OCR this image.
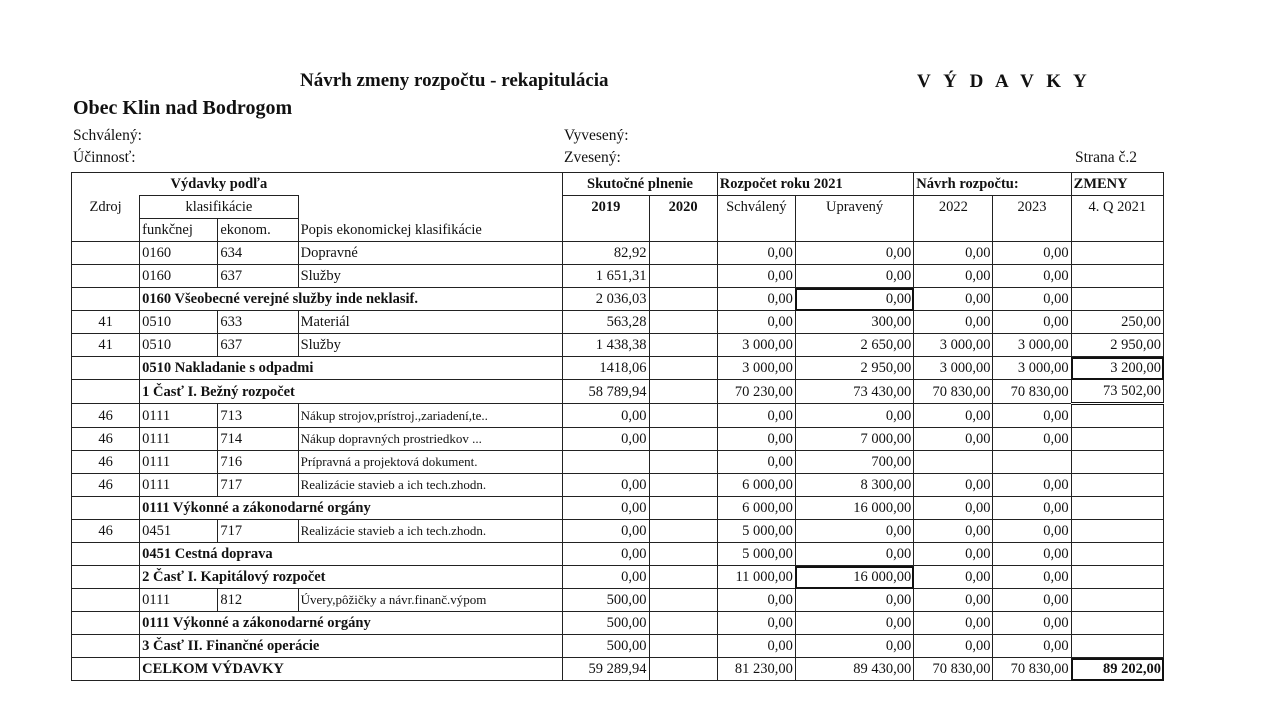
Návrh zmeny rozpočtu - rekapitulácia	V Ý D A V K Y
Obec Klin nad Bodrogom
Schválený:
Účinnosť:
Vyvesený:
Zvesený:	Strana č.2
	Výdavky podľa			Skutočné plnenie		Rozpočet roku 2021		Návrh rozpočtu:		ZMENY
Zdroj	klasifikácie			2019	2020	Schválený	Upravený	2022	2023	4. Q 2021
	funkčnej	ekonom.	Popis ekonomickej klasifikácie							
	0160	634	Dopravné	82,92		0,00	0,00	0,00	0,00	
	0160	637	Služby	1 651,31		0,00	0,00	0,00	0,00	
	0160 Všeobecné verejné služby inde neklasif.			2 036,03		0,00	0,00	0,00	0,00	
41	0510	633	Materiál	563,28		0,00	300,00	0,00	0,00	250,00
41	0510	637	Služby	1 438,38		3 000,00	2 650,00	3 000,00	3 000,00	2 950,00
	0510 Nakladanie s odpadmi			1418,06		3 000,00	2 950,00	3 000,00	3 000,00	3 200,00
	1 Časť I. Bežný rozpočet			58 789,94		70 230,00	73 430,00	70 830,00	70 830,00	73 502,00
46	0111	713	Nákup strojov,prístroj.,zariadení,te..	0,00		0,00	0,00	0,00	0,00	
46	0111	714	Nákup dopravných prostriedkov ...	0,00		0,00	7 000,00	0,00	0,00	
46	0111	716	Prípravná a projektová dokument.			0,00	700,00			
46	0111	717	Realizácie stavieb a ich tech.zhodn.	0,00		6 000,00	8 300,00	0,00	0,00	
	0111 Výkonné a zákonodarné orgány			0,00		6 000,00	16 000,00	0,00	0,00	
46	0451	717	Realizácie stavieb a ich tech.zhodn.	0,00		5 000,00	0,00	0,00	0,00	
	0451 Cestná doprava			0,00		5 000,00	0,00	0,00	0,00	
	2 Časť I. Kapitálový rozpočet			0,00		11 000,00	16 000,00	0,00	0,00	
	0111	812	Úvery,pôžičky a návr.finanč.výpom	500,00		0,00	0,00	0,00	0,00	
	0111 Výkonné a zákonodarné orgány			500,00		0,00	0,00	0,00	0,00	
	3 Časť II. Finančné operácie			500,00		0,00	0,00	0,00	0,00	
	CELKOM VÝDAVKY			59 289,94		81 230,00	89 430,00	70 830,00	70 830,00	89 202,00
